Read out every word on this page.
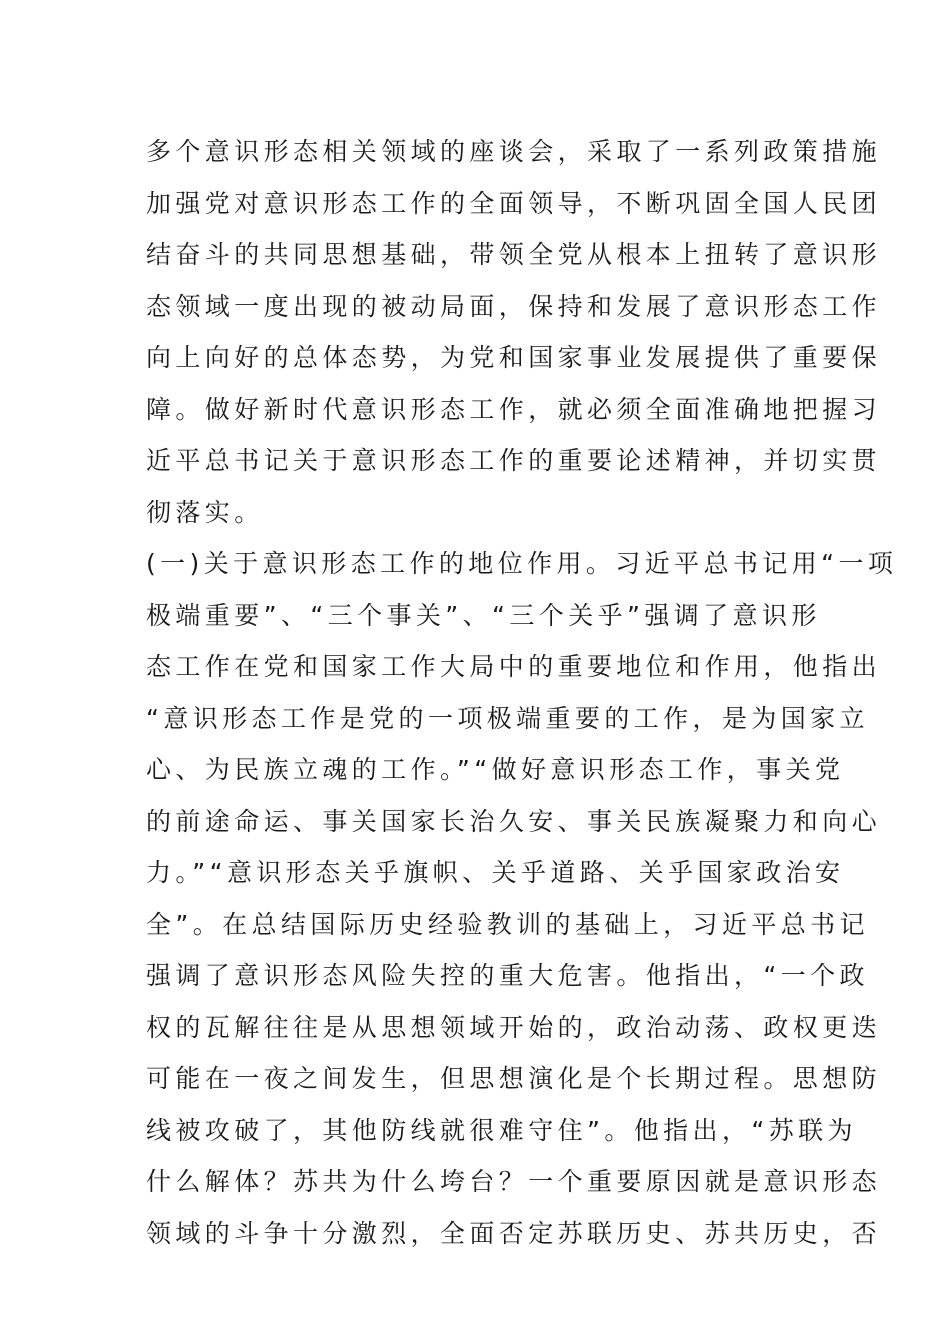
多个意识形态相关领域的座谈会，采取了一系列政策措施
加强党对意识形态工作的全面领导，不断巩固全国人民团
结奋斗的共同思想基础，带领全党从根本上扭转了意识形
态领域一度出现的被动局面，保持和发展了意识形态工作
向上向好的总体态势，为党和国家事业发展提供了重要保
障。做好新时代意识形态工作，就必须全面准确地把握习
近平总书记关于意识形态工作的重要论述精神，并切实贯
彻落实。
(一)关于意识形态工作的地位作用。习近平总书记用“一项
极端重要”、“三个事关”、“三个关乎”强调了意识形
态工作在党和国家工作大局中的重要地位和作用，他指出
“意识形态工作是党的一项极端重要的工作，是为国家立
心、为民族立魂的工作。”“做好意识形态工作，事关党
的前途命运、事关国家长治久安、事关民族凝聚力和向心
力。”“意识形态关乎旗帜、关乎道路、关乎国家政治安
全”。在总结国际历史经验教训的基础上，习近平总书记
强调了意识形态风险失控的重大危害。他指出，“一个政
权的瓦解往往是从思想领域开始的，政治动荡、政权更迭
可能在一夜之间发生，但思想演化是个长期过程。思想防
线被攻破了，其他防线就很难守住”。他指出，“苏联为
什么解体？苏共为什么垮台？一个重要原因就是意识形态
领域的斗争十分激烈，全面否定苏联历史、苏共历史，否
